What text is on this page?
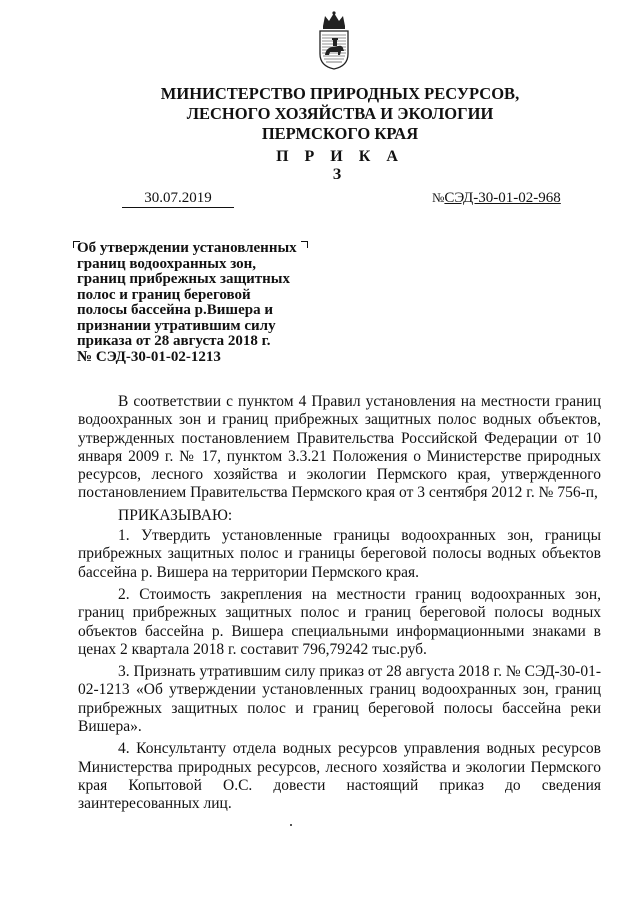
МИНИСТЕРСТВО ПРИРОДНЫХ РЕСУРСОВ,
ЛЕСНОГО ХОЗЯЙСТВА И ЭКОЛОГИИ
ПЕРМСКОГО КРАЯ
П Р И К А З
30.07.2019	№СЭД-30-01-02-968
Об утверждении установленных
границ водоохранных зон,
границ прибрежных защитных
полос и границ береговой
полосы бассейна р.Вишера и
признании утратившим силу
приказа от 28 августа 2018 г.
№ СЭД-30-01-02-1213

В соответствии с пунктом 4 Правил установления на местности границ водоохранных зон и границ прибрежных защитных полос водных объектов, утвержденных постановлением Правительства Российской Федерации от 10 января 2009 г. № 17, пунктом 3.3.21 Положения о Министерстве природных ресурсов, лесного хозяйства и экологии Пермского края, утвержденного постановлением Правительства Пермского края от 3 сентября 2012 г. № 756-п,

ПРИКАЗЫВАЮ:

1. Утвердить установленные границы водоохранных зон, границы прибрежных защитных полос и границы береговой полосы водных объектов бассейна р. Вишера на территории Пермского края.

2. Стоимость закрепления на местности границ водоохранных зон, границ прибрежных защитных полос и границ береговой полосы водных объектов бассейна р. Вишера специальными информационными знаками в ценах 2 квартала 2018 г. составит 796,79242 тыс.руб.

3. Признать утратившим силу приказ от 28 августа 2018 г. № СЭД-30-01-02-1213 «Об утверждении установленных границ водоохранных зон, границ прибрежных защитных полос и границ береговой полосы бассейна реки Вишера».

4. Консультанту отдела водных ресурсов управления водных ресурсов Министерства природных ресурсов, лесного хозяйства и экологии Пермского края Копытовой О.С. довести настоящий приказ до сведения заинтересованных лиц.
